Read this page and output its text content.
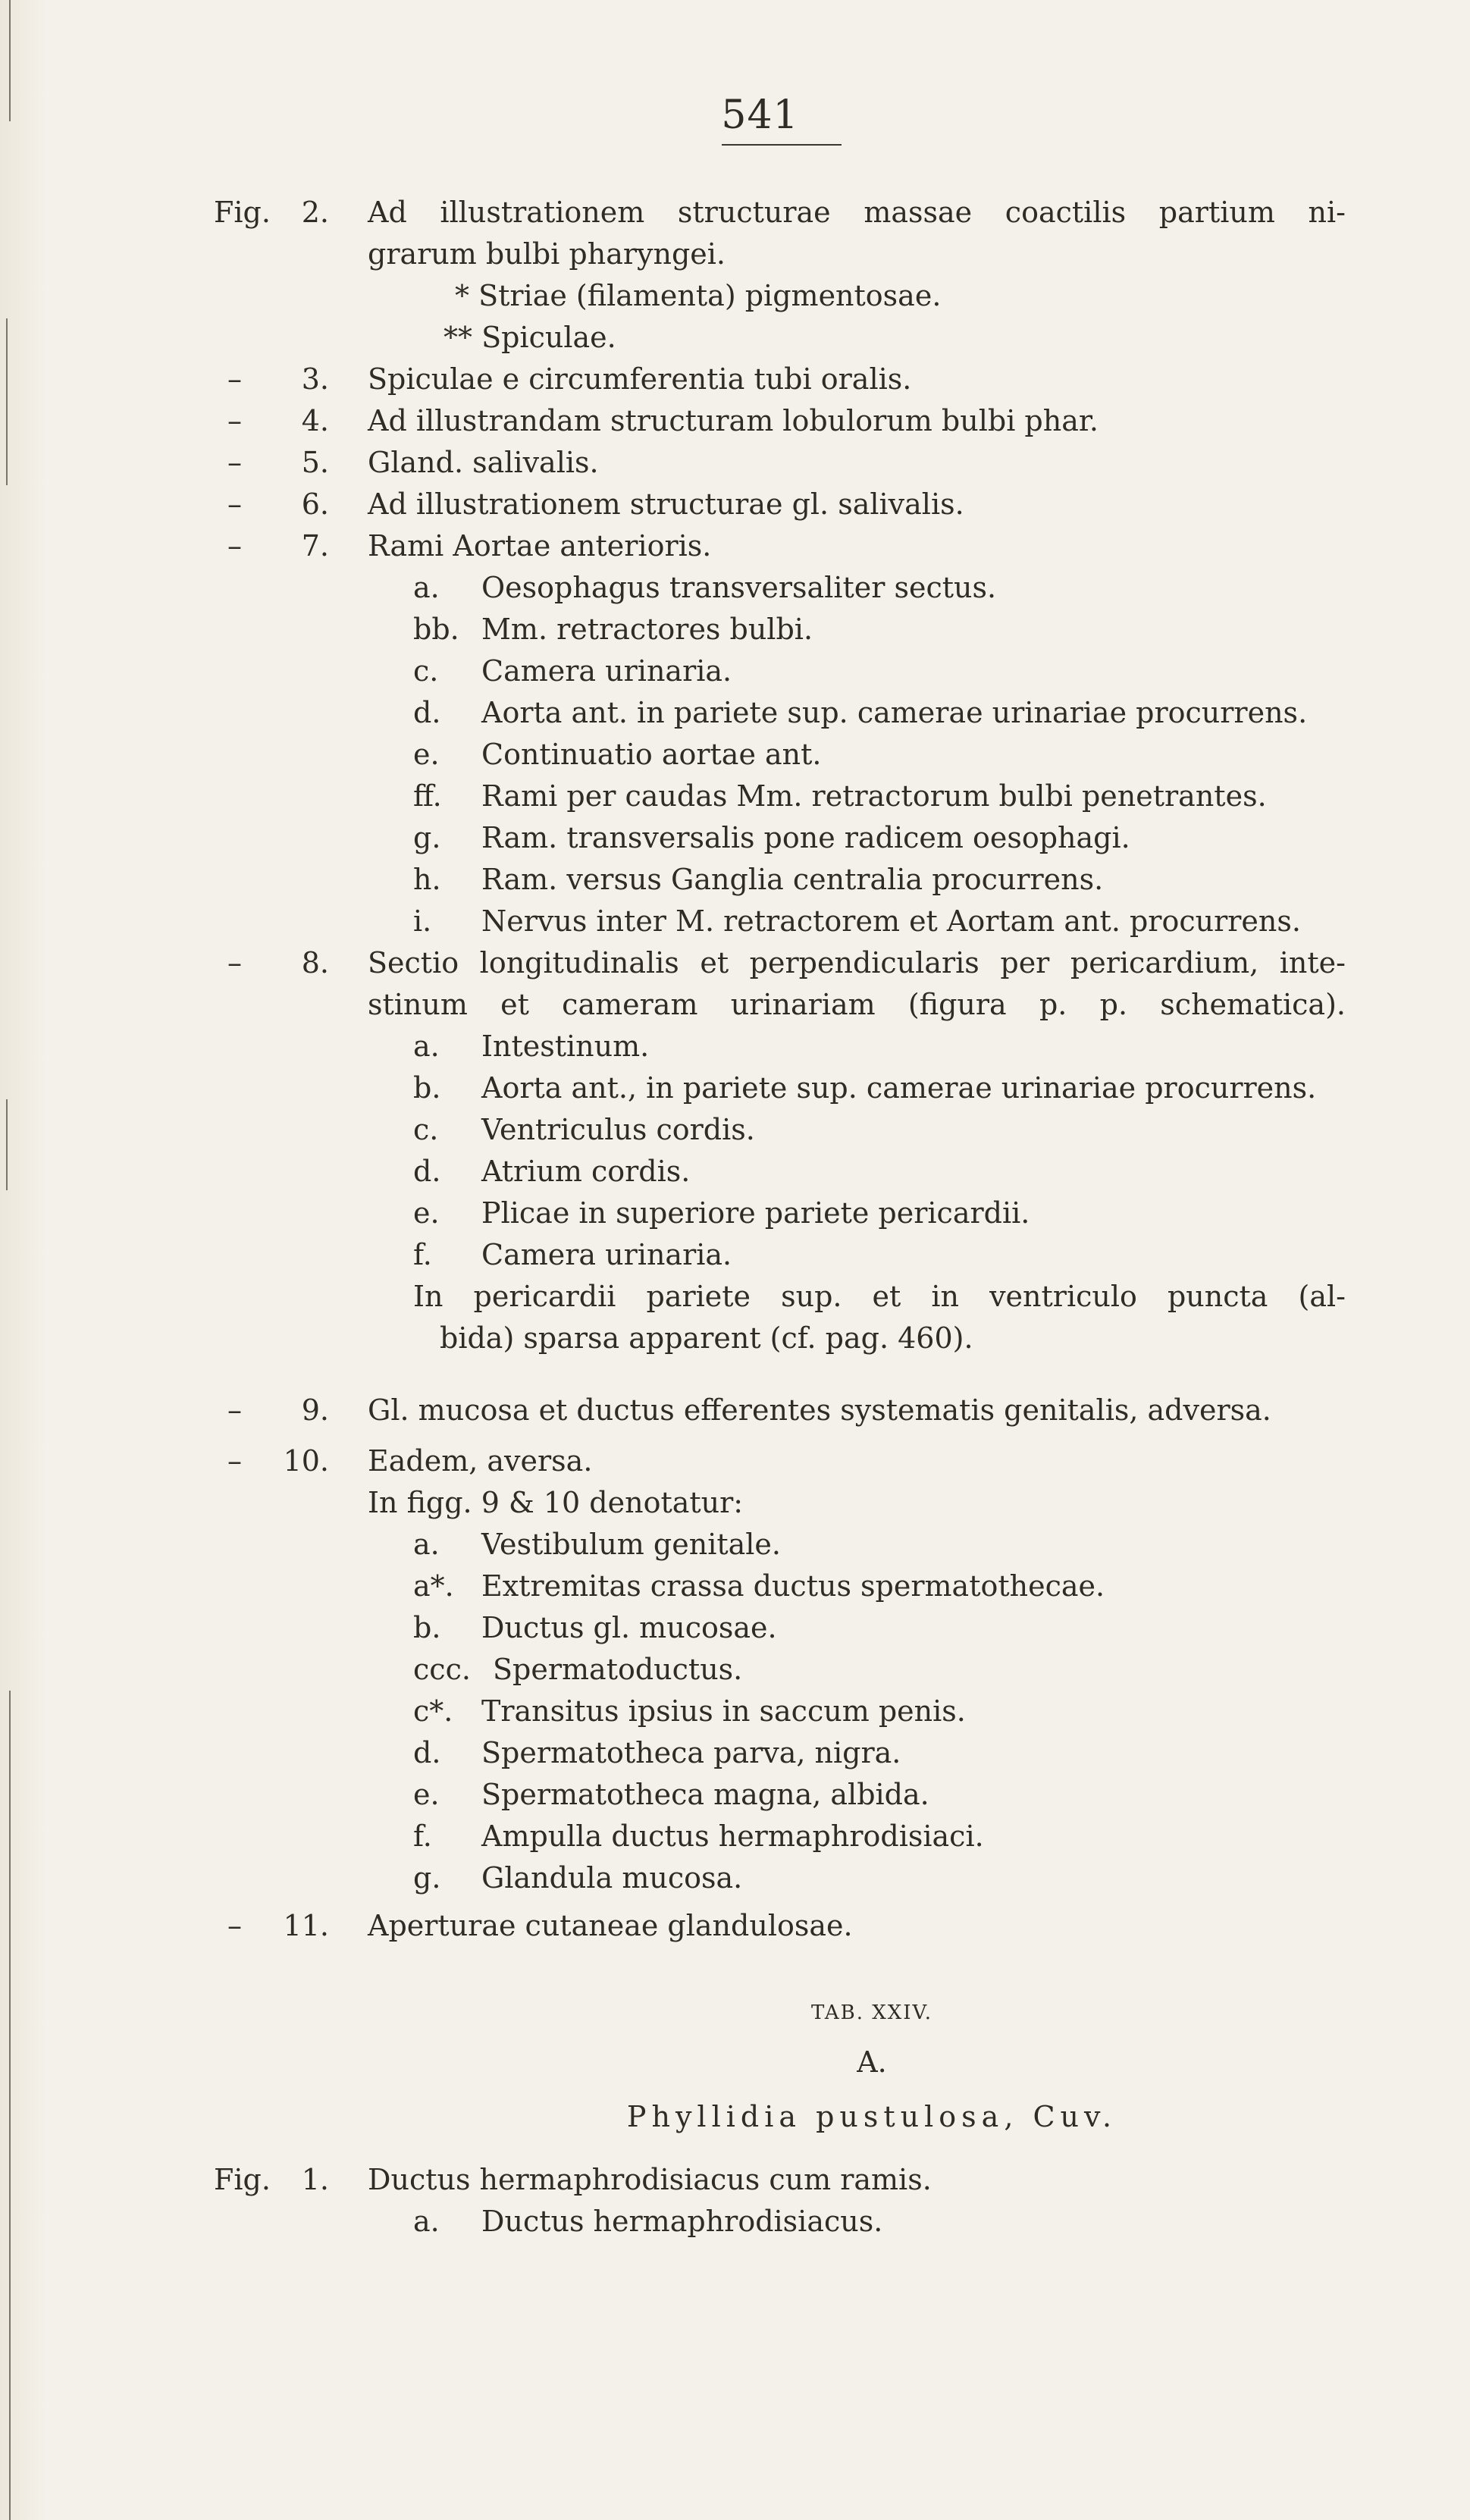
541
Fig.	2. Ad illustrationem structurae massae coactilis partium ni-
grarum bulbi pharyngei.
* Striae (filamenta) pigmentosae.
** Spiculae.
–	3. Spiculae e circumferentia tubi oralis.
–	4. Ad illustrandam structuram lobulorum bulbi phar.
–	5. Gland. salivalis.
–	6. Ad illustrationem structurae gl. salivalis.
–	7. Rami Aortae anterioris.
a. Oesophagus transversaliter sectus.
bb. Mm. retractores bulbi.
c. Camera urinaria.
d. Aorta ant. in pariete sup. camerae urinariae procurrens.
e. Continuatio aortae ant.
ff. Rami per caudas Mm. retractorum bulbi penetrantes.
g. Ram. transversalis pone radicem oesophagi.
h. Ram. versus Ganglia centralia procurrens.
i. Nervus inter M. retractorem et Aortam ant. procurrens.
–	8. Sectio longitudinalis et perpendicularis per pericardium, inte-
stinum et cameram urinariam (figura p. p. schematica).
a. Intestinum.
b. Aorta ant., in pariete sup. camerae urinariae procurrens.
c. Ventriculus cordis.
d. Atrium cordis.
e. Plicae in superiore pariete pericardii.
f. Camera urinaria.
In pericardii pariete sup. et in ventriculo puncta (al-
bida) sparsa apparent (cf. pag. 460).
–	9. Gl. mucosa et ductus efferentes systematis genitalis, adversa.
–	10. Eadem, aversa.
In figg. 9 & 10 denotatur:
a. Vestibulum genitale.
a*. Extremitas crassa ductus spermatothecae.
b. Ductus gl. mucosae.
ccc. Spermatoductus.
c*. Transitus ipsius in saccum penis.
d. Spermatotheca parva, nigra.
e. Spermatotheca magna, albida.
f. Ampulla ductus hermaphrodisiaci.
g. Glandula mucosa.
–	11. Aperturae cutaneae glandulosae.
TAB. XXIV.
A.
Phyllidia pustulosa, Cuv.
Fig.	1. Ductus hermaphrodisiacus cum ramis.
a. Ductus hermaphrodisiacus.
